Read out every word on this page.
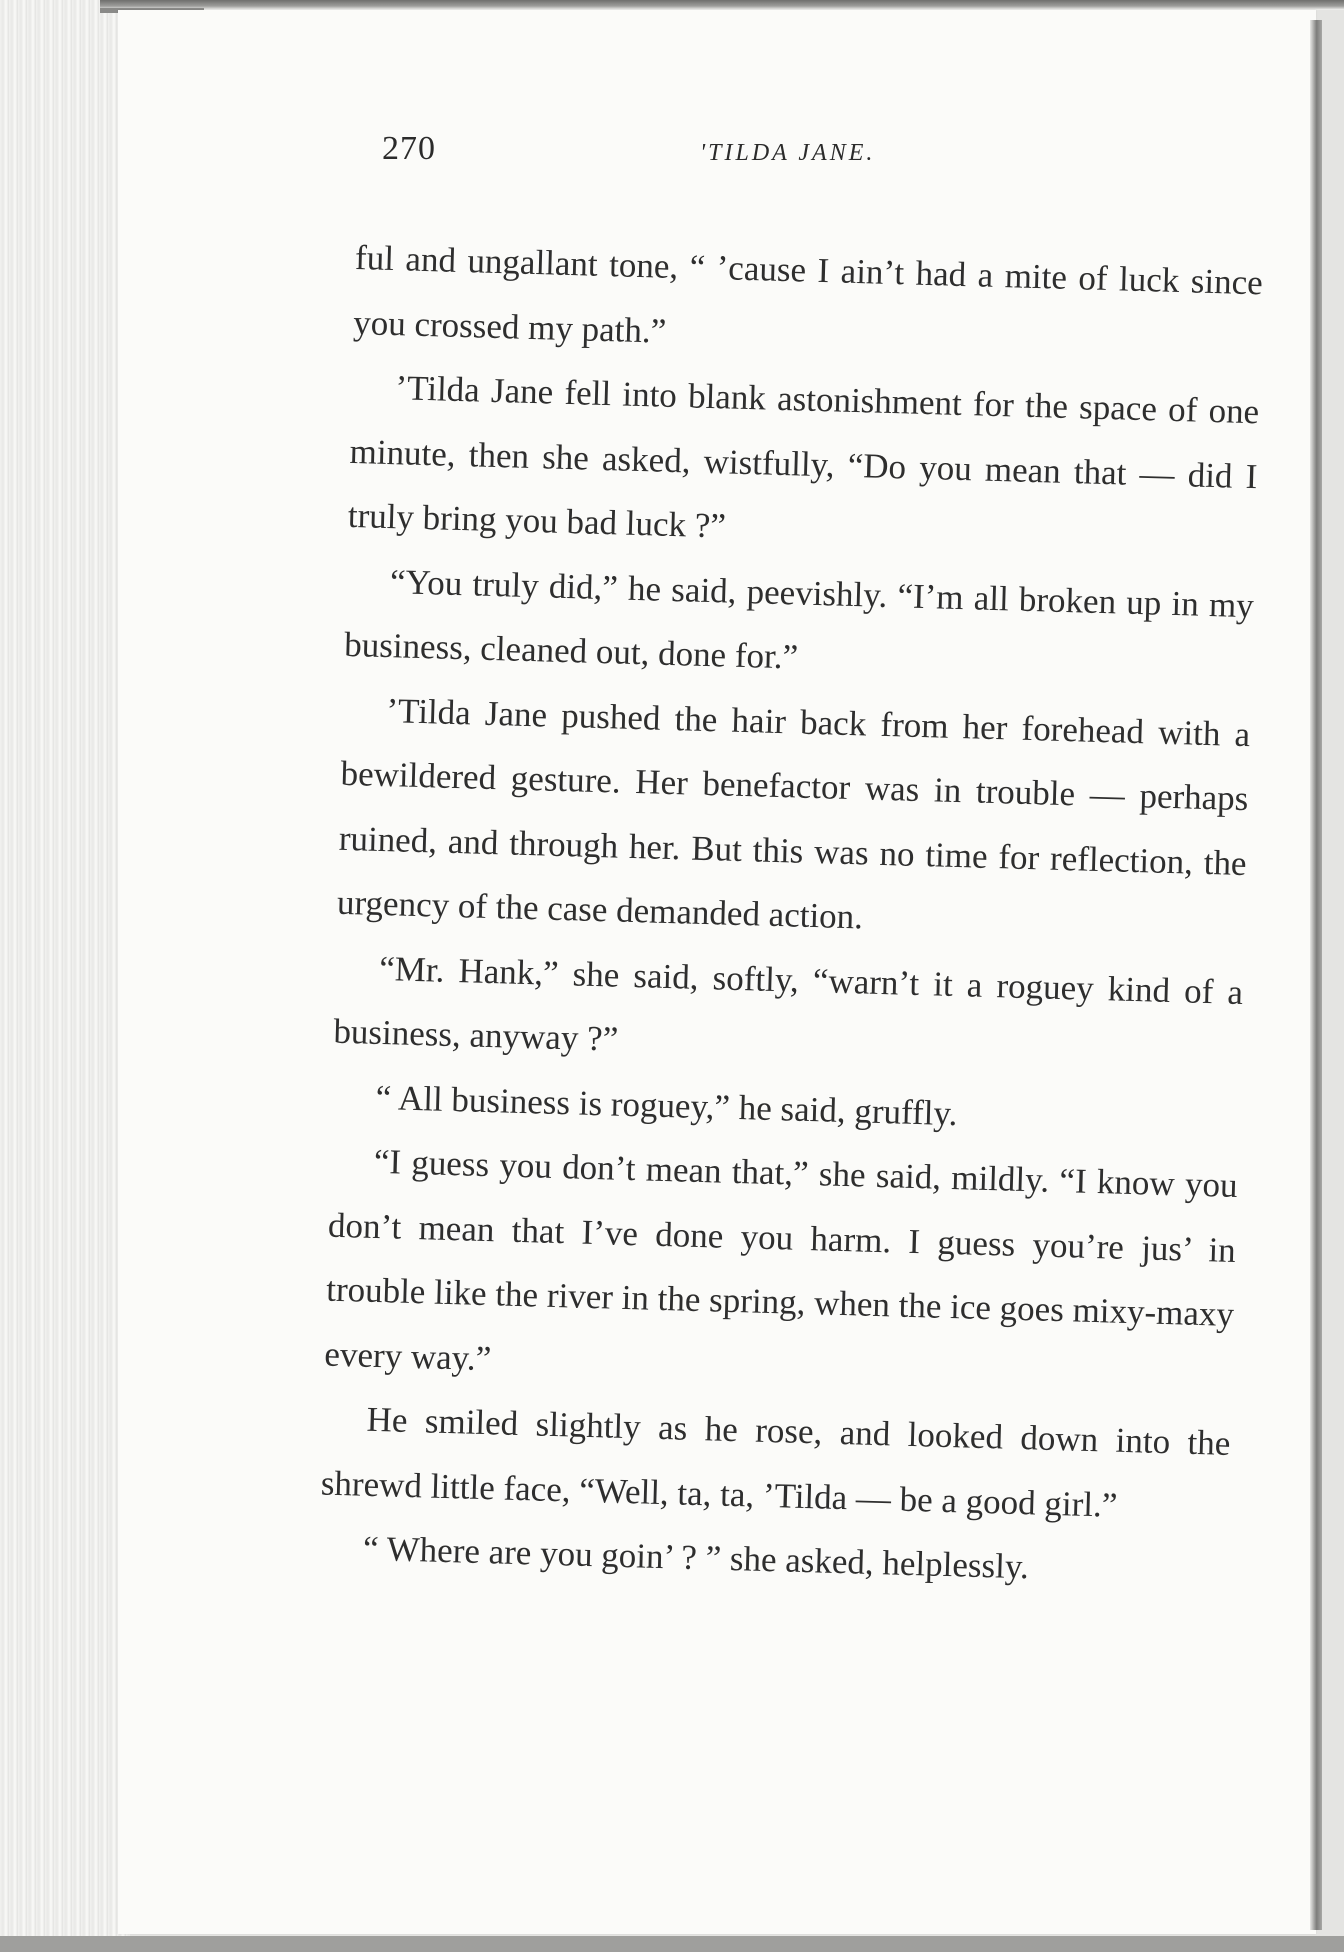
270	'TILDA JANE.

ful and ungallant tone, “ ’cause I ain’t had a mite of luck since you crossed my path.”

’Tilda Jane fell into blank astonishment for the space of one minute, then she asked, wistfully, “Do you mean that — did I truly bring you bad luck ?”

“You truly did,” he said, peevishly. “I’m all broken up in my business, cleaned out, done for.”

’Tilda Jane pushed the hair back from her forehead with a bewildered gesture. Her benefactor was in trouble — perhaps ruined, and through her. But this was no time for reflection, the urgency of the case demanded action.

“Mr. Hank,” she said, softly, “warn’t it a roguey kind of a business, anyway ?”

“ All business is roguey,” he said, gruffly.

“I guess you don’t mean that,” she said, mildly. “I know you don’t mean that I’ve done you harm. I guess you’re jus’ in trouble like the river in the spring, when the ice goes mixy-maxy every way.”

He smiled slightly as he rose, and looked down into the shrewd little face, “Well, ta, ta, ’Tilda — be a good girl.”

“ Where are you goin’ ? ” she asked, helplessly.
